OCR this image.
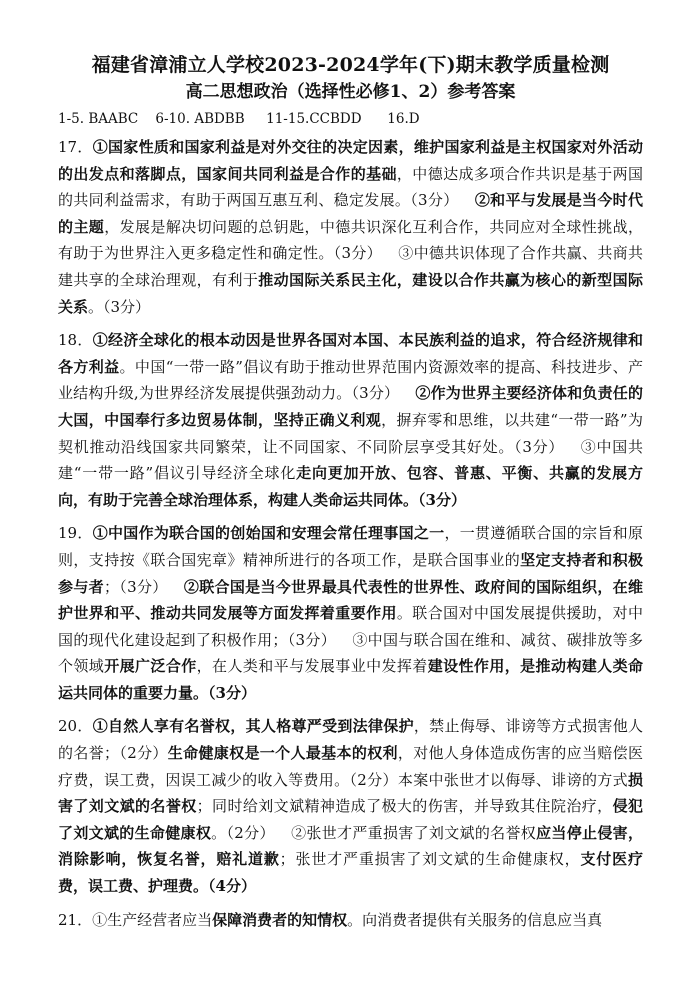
福建省漳浦立人学校2023-2024学年(下)期末教学质量检测
高二思想政治（选择性必修1、2）参考答案
1-5. BAABC    6-10. ABDBB     11-15.CCBDD      16.D

17．①国家性质和国家利益是对外交往的决定因素，维护国家利益是主权国家对外活动的出发点和落脚点，国家间共同利益是合作的基础，中德达成多项合作共识是基于两国的共同利益需求，有助于两国互惠互利、稳定发展。（3分） ②和平与发展是当今时代的主题，发展是解决切问题的总钥匙，中德共识深化互利合作，共同应对全球性挑战，有助于为世界注入更多稳定性和确定性。（3分） ③中德共识体现了合作共赢、共商共建共享的全球治理观，有利于推动国际关系民主化，建设以合作共赢为核心的新型国际关系。（3分）

18．①经济全球化的根本动因是世界各国对本国、本民族利益的追求，符合经济规律和各方利益。中国“一带一路”倡议有助于推动世界范围内资源效率的提高、科技进步、产业结构升级,为世界经济发展提供强劲动力。（3分） ②作为世界主要经济体和负责任的大国，中国奉行多边贸易体制，坚持正确义利观，摒弃零和思维，以共建“一带一路”为契机推动沿线国家共同繁荣，让不同国家、不同阶层享受其好处。（3分） ③中国共建“一带一路”倡议引导经济全球化走向更加开放、包容、普惠、平衡、共赢的发展方向，有助于完善全球治理体系，构建人类命运共同体。（3分）

19．①中国作为联合国的创始国和安理会常任理事国之一，一贯遵循联合国的宗旨和原则，支持按《联合国宪章》精神所进行的各项工作，是联合国事业的坚定支持者和积极参与者；（3分） ②联合国是当今世界最具代表性的世界性、政府间的国际组织，在维护世界和平、推动共同发展等方面发挥着重要作用。联合国对中国发展提供援助，对中国的现代化建设起到了积极作用；（3分） ③中国与联合国在维和、减贫、碳排放等多个领域开展广泛合作，在人类和平与发展事业中发挥着建设性作用，是推动构建人类命运共同体的重要力量。（3分）

20．①自然人享有名誉权，其人格尊严受到法律保护，禁止侮辱、诽谤等方式损害他人的名誉；（2分）生命健康权是一个人最基本的权利，对他人身体造成伤害的应当赔偿医疗费，误工费，因误工减少的收入等费用。（2分）本案中张世才以侮辱、诽谤的方式损害了刘文斌的名誉权；同时给刘文斌精神造成了极大的伤害，并导致其住院治疗，侵犯了刘文斌的生命健康权。（2分） ②张世才严重损害了刘文斌的名誉权应当停止侵害，消除影响，恢复名誉，赔礼道歉；张世才严重损害了刘文斌的生命健康权，支付医疗费，误工费、护理费。（4分）

21．①生产经营者应当保障消费者的知情权。向消费者提供有关服务的信息应当真
